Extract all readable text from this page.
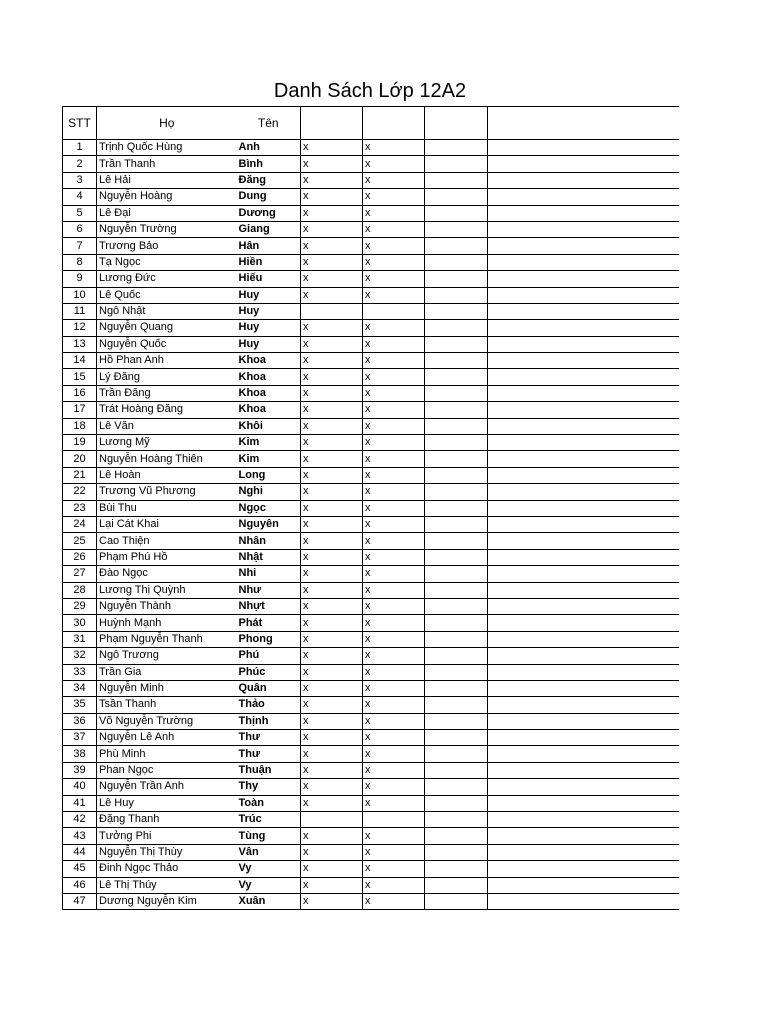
Danh Sách Lớp 12A2
STT	Họ	Tên				
1	Trịnh Quốc Hùng	Anh	x	x		
2	Trần Thanh	Bình	x	x		
3	Lê Hải	Đăng	x	x		
4	Nguyễn Hoàng	Dung	x	x		
5	Lê Đại	Dương	x	x		
6	Nguyễn Trường	Giang	x	x		
7	Trương Bảo	Hân	x	x		
8	Tạ Ngọc	Hiền	x	x		
9	Lương Đức	Hiếu	x	x		
10	Lê Quốc	Huy	x	x		
11	Ngô Nhật	Huy				
12	Nguyễn Quang	Huy	x	x		
13	Nguyễn Quốc	Huy	x	x		
14	Hồ Phan Anh	Khoa	x	x		
15	Lý Đăng	Khoa	x	x		
16	Trần Đăng	Khoa	x	x		
17	Trát Hoàng Đăng	Khoa	x	x		
18	Lê Văn	Khôi	x	x		
19	Lương Mỹ	Kim	x	x		
20	Nguyễn Hoàng Thiên	Kim	x	x		
21	Lê Hoàn	Long	x	x		
22	Trương Vũ Phương	Nghi	x	x		
23	Bùi Thu	Ngọc	x	x		
24	Lại Cát Khai	Nguyên	x	x		
25	Cao Thiện	Nhân	x	x		
26	Phạm Phú Hồ	Nhật	x	x		
27	Đào Ngọc	Nhi	x	x		
28	Lương Thị Quỳnh	Như	x	x		
29	Nguyễn Thành	Nhựt	x	x		
30	Huỳnh Mạnh	Phát	x	x		
31	Phạm Nguyễn Thanh	Phong	x	x		
32	Ngô Trương	Phú	x	x		
33	Trần Gia	Phúc	x	x		
34	Nguyễn Minh	Quân	x	x		
35	Tsần Thanh	Thảo	x	x		
36	Võ Nguyễn Trường	Thịnh	x	x		
37	Nguyễn Lê Anh	Thư	x	x		
38	Phù Minh	Thư	x	x		
39	Phan Ngọc	Thuận	x	x		
40	Nguyễn Trần Anh	Thy	x	x		
41	Lê Huy	Toàn	x	x		
42	Đặng Thanh	Trúc				
43	Tưởng Phi	Tùng	x	x		
44	Nguyễn Thị Thùy	Vân	x	x		
45	Đinh Ngọc Thảo	Vy	x	x		
46	Lê Thị Thúy	Vy	x	x		
47	Dương Nguyễn Kim	Xuân	x	x		
